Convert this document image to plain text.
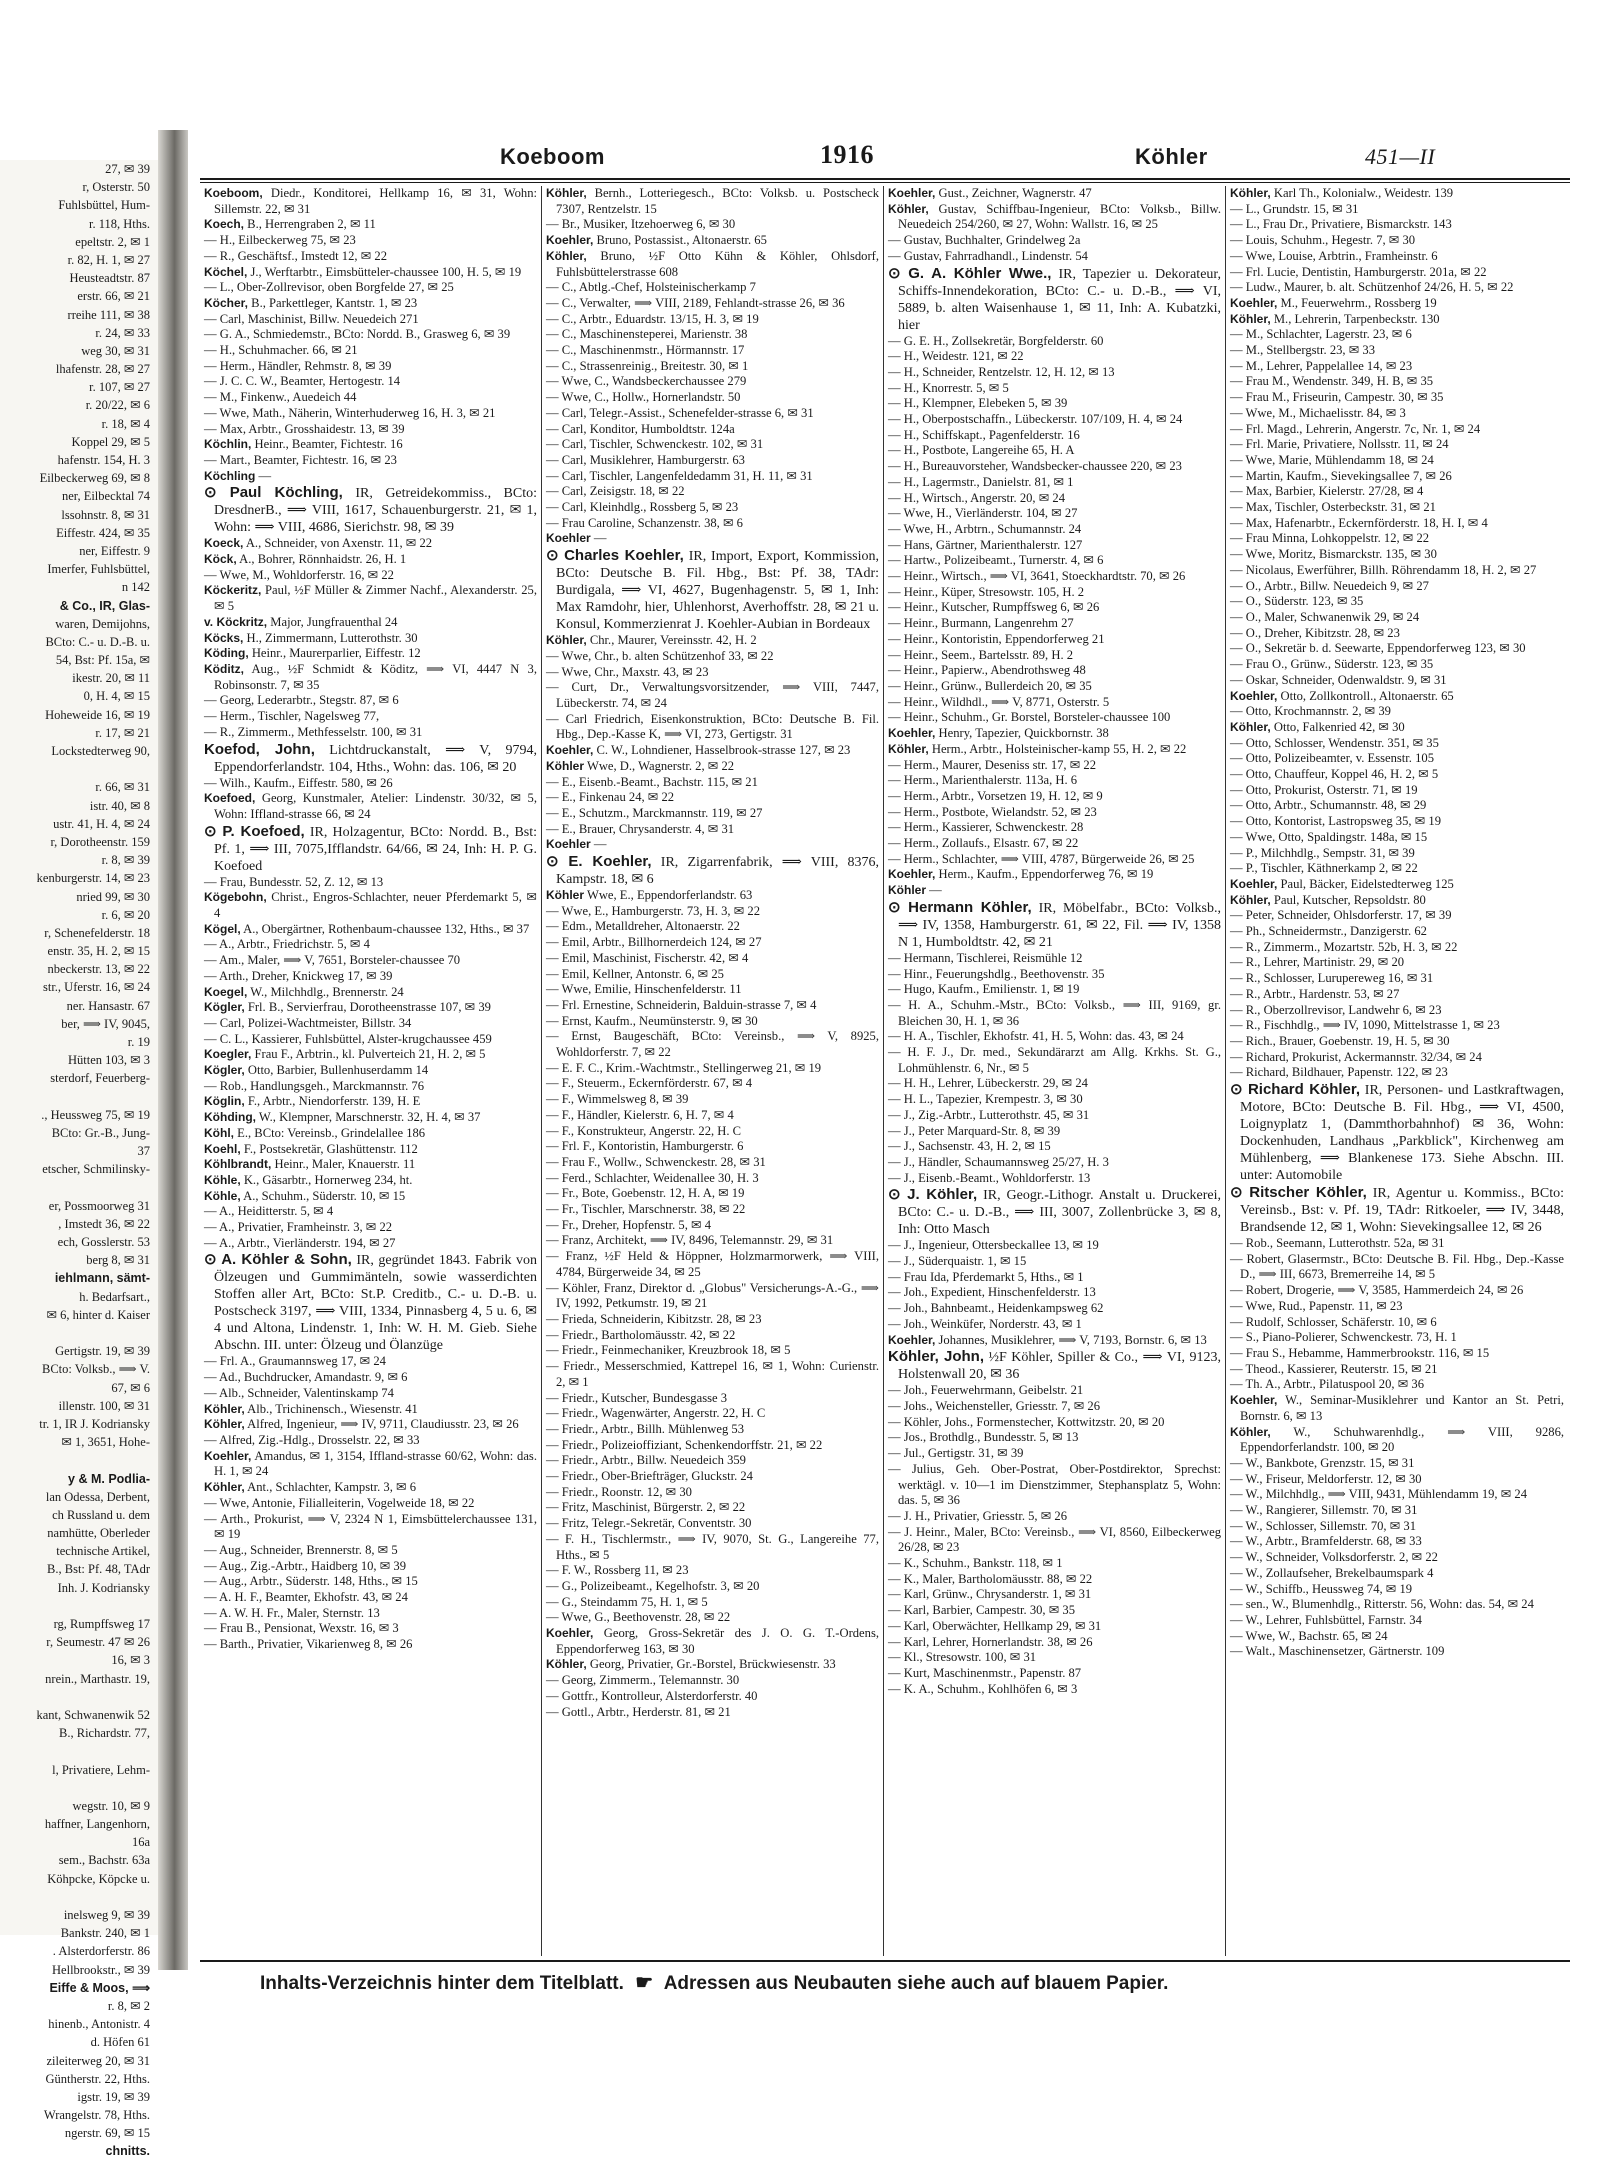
27, ✉ 39
r, Osterstr. 50
Fuhlsbüttel, Hum-
r. 118, Hths.
epeltstr. 2, ✉ 1
r. 82, H. 1, ✉ 27
Heusteadtstr. 87
erstr. 66, ✉ 21
rreihe 111, ✉ 38
r. 24, ✉ 33
weg 30, ✉ 31
lhafenstr. 28, ✉ 27
r. 107, ✉ 27
r. 20/22, ✉ 6
r. 18, ✉ 4
Koppel 29, ✉ 5
hafenstr. 154, H. 3
Eilbeckerweg 69, ✉ 8
ner, Eilbecktal 74
lssohnstr. 8, ✉ 31
Eiffestr. 424, ✉ 35
ner, Eiffestr. 9
Imerfer, Fuhlsbüttel,
n 142
& Co., IR, Glas-
waren, Demijohns,
BCto: C.- u. D.-B. u.
54, Bst: Pf. 15a, ✉
ikestr. 20, ✉ 11
0, H. 4, ✉ 15
Hoheweide 16, ✉ 19
r. 17, ✉ 21
Lockstedterweg 90,
r. 66, ✉ 31
istr. 40, ✉ 8
ustr. 41, H. 4, ✉ 24
r, Dorotheenstr. 159
r. 8, ✉ 39
kenburgerstr. 14, ✉ 23
nried 99, ✉ 30
r. 6, ✉ 20
r, Schenefelderstr. 18
enstr. 35, H. 2, ✉ 15
nbeckerstr. 13, ✉ 22
str., Uferstr. 16, ✉ 24
ner. Hansastr. 67
ber, ⟹ IV, 9045,
r. 19
Hütten 103, ✉ 3
sterdorf, Feuerberg-
., Heussweg 75, ✉ 19
BCto: Gr.-B., Jung-
37
etscher, Schmilinsky-
er, Possmoorweg 31
, Imstedt 36, ✉ 22
ech, Gosslerstr. 53
berg 8, ✉ 31
iehlmann, sämt-
h. Bedarfsart.,
✉ 6, hinter d. Kaiser
Gertigstr. 19, ✉ 39
BCto: Volksb., ⟹ V.
67, ✉ 6
illenstr. 100, ✉ 31
tr. 1, IR J. Kodriansky
✉ 1, 3651, Hohe-
y & M. Podlia-
lan Odessa, Derbent,
ch Russland u. dem
namhütte, Oberleder
technische Artikel,
B., Bst: Pf. 48, TAdr
Inh. J. Kodriansky
rg, Rumpffsweg 17
r, Seumestr. 47 ✉ 26
16, ✉ 3
nrein., Marthastr. 19,
kant, Schwanenwik 52
B., Richardstr. 77,
l, Privatiere, Lehm-
wegstr. 10, ✉ 9
haffner, Langenhorn,
16a
sem., Bachstr. 63a
Köhpcke, Köpcke u.
inelsweg 9, ✉ 39
Bankstr. 240, ✉ 1
. Alsterdorferstr. 86
Hellbrookstr., ✉ 39
Eiffe & Moos, ⟹
r. 8, ✉ 2
hinenb., Antonistr. 4
d. Höfen 61
zileiterweg 20, ✉ 31
Güntherstr. 22, Hths.
igstr. 19, ✉ 39
Wrangelstr. 78, Hths.
ngerstr. 69, ✉ 15
chnitts.
Koeboom	1916	Köhler	451—II

Koeboom, Diedr., Konditorei, Hellkamp 16, ✉ 31, Wohn: Sillemstr. 22, ✉ 31

Koech, B., Herrengraben 2, ✉ 11

— H., Eilbeckerweg 75, ✉ 23

— R., Geschäftsf., Imstedt 12, ✉ 22

Köchel, J., Werftarbtr., Eimsbütteler-chaussee 100, H. 5, ✉ 19

— L., Ober-Zollrevisor, oben Borgfelde 27, ✉ 25

Köcher, B., Parkettleger, Kantstr. 1, ✉ 23

— Carl, Maschinist, Billw. Neuedeich 271

— G. A., Schmiedemstr., BCto: Nordd. B., Grasweg 6, ✉ 39

— H., Schuhmacher. 66, ✉ 21

— Herm., Händler, Rehmstr. 8, ✉ 39

— J. C. C. W., Beamter, Hertogestr. 14

— M., Finkenw., Auedeich 44

— Wwe, Math., Näherin, Winterhuderweg 16, H. 3, ✉ 21

— Max, Arbtr., Grosshaidestr. 13, ✉ 39

Köchlin, Heinr., Beamter, Fichtestr. 16

— Mart., Beamter, Fichtestr. 16, ✉ 23

Köchling —

⊙ Paul Köchling, IR, Getreidekommiss., BCto: DresdnerB., ⟹ VIII, 1617, Schauenburgerstr. 21, ✉ 1, Wohn: ⟹ VIII, 4686, Sierichstr. 98, ✉ 39

Koeck, A., Schneider, von Axenstr. 11, ✉ 22

Köck, A., Bohrer, Rönnhaidstr. 26, H. 1

— Wwe, M., Wohldorferstr. 16, ✉ 22

Köckeritz, Paul, ½F Müller & Zimmer Nachf., Alexanderstr. 25, ✉ 5

v. Köckritz, Major, Jungfrauenthal 24

Köcks, H., Zimmermann, Lutterothstr. 30

Köding, Heinr., Maurerparlier, Eiffestr. 12

Köditz, Aug., ½F Schmidt & Köditz, ⟹ VI, 4447 N 3, Robinsonstr. 7, ✉ 35

— Georg, Lederarbtr., Stegstr. 87, ✉ 6

— Herm., Tischler, Nagelsweg 77,

— R., Zimmerm., Methfesselstr. 100, ✉ 31

Koefod, John, Lichtdruckanstalt, ⟹ V, 9794, Eppendorferlandstr. 104, Hths., Wohn: das. 106, ✉ 20

— Wilh., Kaufm., Eiffestr. 580, ✉ 26

Koefoed, Georg, Kunstmaler, Atelier: Lindenstr. 30/32, ✉ 5, Wohn: Iffland-strasse 66, ✉ 24

⊙ P. Koefoed, IR, Holzagentur, BCto: Nordd. B., Bst: Pf. 1, ⟹ III, 7075,Ifflandstr. 64/66, ✉ 24, Inh: H. P. G. Koefoed

— Frau, Bundesstr. 52, Z. 12, ✉ 13

Kögebohn, Christ., Engros-Schlachter, neuer Pferdemarkt 5, ✉ 4

Kögel, A., Obergärtner, Rothenbaum-chaussee 132, Hths., ✉ 37

— A., Arbtr., Friedrichstr. 5, ✉ 4

— Am., Maler, ⟹ V, 7651, Borsteler-chaussee 70

— Arth., Dreher, Knickweg 17, ✉ 39

Koegel, W., Milchhdlg., Brennerstr. 24

Kögler, Frl. B., Servierfrau, Dorotheenstrasse 107, ✉ 39

— Carl, Polizei-Wachtmeister, Billstr. 34

— C. L., Kassierer, Fuhlsbüttel, Alster-krugchaussee 459

Koegler, Frau F., Arbtrin., kl. Pulverteich 21, H. 2, ✉ 5

Kögler, Otto, Barbier, Bullenhuserdamm 14

— Rob., Handlungsgeh., Marckmannstr. 76

Köglin, F., Arbtr., Niendorferstr. 139, H. E

Köhding, W., Klempner, Marschnerstr. 32, H. 4, ✉ 37

Köhl, E., BCto: Vereinsb., Grindelallee 186

Koehl, F., Postsekretär, Glashüttenstr. 112

Köhlbrandt, Heinr., Maler, Knauerstr. 11

Köhle, K., Gäsarbtr., Hornerweg 234, ht.

Köhle, A., Schuhm., Süderstr. 10, ✉ 15

— A., Heiditterstr. 5, ✉ 4

— A., Privatier, Framheinstr. 3, ✉ 22

— A., Arbtr., Vierländerstr. 194, ✉ 27

⊙ A. Köhler & Sohn, IR, gegründet 1843. Fabrik von Ölzeugen und Gummimänteln, sowie wasserdichten Stoffen aller Art, BCto: St.P. Creditb., C.- u. D.-B. u. Postscheck 3197, ⟹ VIII, 1334, Pinnasberg 4, 5 u. 6, ✉ 4 und Altona, Lindenstr. 1, Inh: W. H. M. Gieb. Siehe Abschn. III. unter: Ölzeug und Ölanzüge

— Frl. A., Graumannsweg 17, ✉ 24

— Ad., Buchdrucker, Amandastr. 9, ✉ 6

— Alb., Schneider, Valentinskamp 74

Köhler, Alb., Trichinensch., Wiesenstr. 41

Köhler, Alfred, Ingenieur, ⟹ IV, 9711, Claudiusstr. 23, ✉ 26

— Alfred, Zig.-Hdlg., Drosselstr. 22, ✉ 33

Koehler, Amandus, ✉ 1, 3154, Iffland-strasse 60/62, Wohn: das. H. 1, ✉ 24

Köhler, Ant., Schlachter, Kampstr. 3, ✉ 6

— Wwe, Antonie, Filialleiterin, Vogelweide 18, ✉ 22

— Arth., Prokurist, ⟹ V, 2324 N 1, Eimsbüttelerchaussee 131, ✉ 19

— Aug., Schneider, Brennerstr. 8, ✉ 5

— Aug., Zig.-Arbtr., Haidberg 10, ✉ 39

— Aug., Arbtr., Süderstr. 148, Hths., ✉ 15

— A. H. F., Beamter, Ekhofstr. 43, ✉ 24

— A. W. H. Fr., Maler, Sternstr. 13

— Frau B., Pensionat, Wexstr. 16, ✉ 3

— Barth., Privatier, Vikarienweg 8, ✉ 26

Köhler, Bernh., Lotteriegesch., BCto: Volksb. u. Postscheck 7307, Rentzelstr. 15

— Br., Musiker, Itzehoerweg 6, ✉ 30

Koehler, Bruno, Postassist., Altonaerstr. 65

Köhler, Bruno, ½F Otto Kühn & Köhler, Ohlsdorf, Fuhlsbüttelerstrasse 608

— C., Abtlg.-Chef, Holsteinischerkamp 7

— C., Verwalter, ⟹ VIII, 2189, Fehlandt-strasse 26, ✉ 36

— C., Arbtr., Eduardstr. 13/15, H. 3, ✉ 19

— C., Maschinensteperei, Marienstr. 38

— C., Maschinenmstr., Hörmannstr. 17

— C., Strassenreinig., Breitestr. 30, ✉ 1

— Wwe, C., Wandsbeckerchaussee 279

— Wwe, C., Hollw., Hornerlandstr. 50

— Carl, Telegr.-Assist., Schenefelder-strasse 6, ✉ 31

— Carl, Konditor, Humboldtstr. 124a

— Carl, Tischler, Schwenckestr. 102, ✉ 31

— Carl, Musiklehrer, Hamburgerstr. 63

— Carl, Tischler, Langenfeldedamm 31, H. 11, ✉ 31

— Carl, Zeisigstr. 18, ✉ 22

— Carl, Kleinhdlg., Rossberg 5, ✉ 23

— Frau Caroline, Schanzenstr. 38, ✉ 6

Koehler —

⊙ Charles Koehler, IR, Import, Export, Kommission, BCto: Deutsche B. Fil. Hbg., Bst: Pf. 38, TAdr: Burdigala, ⟹ VI, 4627, Bugenhagenstr. 5, ✉ 1, Inh: Max Ramdohr, hier, Uhlenhorst, Averhoffstr. 28, ✉ 21 u. Konsul, Kommerzienrat J. Koehler-Aubian in Bordeaux

Köhler, Chr., Maurer, Vereinsstr. 42, H. 2

— Wwe, Chr., b. alten Schützenhof 33, ✉ 22

— Wwe, Chr., Maxstr. 43, ✉ 23

— Curt, Dr., Verwaltungsvorsitzender, ⟹ VIII, 7447, Lübeckerstr. 74, ✉ 24

— Carl Friedrich, Eisenkonstruktion, BCto: Deutsche B. Fil. Hbg., Dep.-Kasse K, ⟹ VI, 273, Gertigstr. 31

Koehler, C. W., Lohndiener, Hasselbrook-strasse 127, ✉ 23

Köhler Wwe, D., Wagnerstr. 2, ✉ 22

— E., Eisenb.-Beamt., Bachstr. 115, ✉ 21

— E., Finkenau 24, ✉ 22

— E., Schutzm., Marckmannstr. 119, ✉ 27

— E., Brauer, Chrysanderstr. 4, ✉ 31

Koehler —

⊙ E. Koehler, IR, Zigarrenfabrik, ⟹ VIII, 8376, Kampstr. 18, ✉ 6

Köhler Wwe, E., Eppendorferlandstr. 63

— Wwe, E., Hamburgerstr. 73, H. 3, ✉ 22

— Edm., Metalldreher, Altonaerstr. 22

— Emil, Arbtr., Billhornerdeich 124, ✉ 27

— Emil, Maschinist, Fischerstr. 42, ✉ 4

— Emil, Kellner, Antonstr. 6, ✉ 25

— Wwe, Emilie, Hinschenfelderstr. 11

— Frl. Ernestine, Schneiderin, Balduin-strasse 7, ✉ 4

— Ernst, Kaufm., Neumünsterstr. 9, ✉ 30

— Ernst, Baugeschäft, BCto: Vereinsb., ⟹ V, 8925, Wohldorferstr. 7, ✉ 22

— E. F. C., Krim.-Wachtmstr., Stellingerweg 21, ✉ 19

— F., Steuerm., Eckernförderstr. 67, ✉ 4

— F., Wimmelsweg 8, ✉ 39

— F., Händler, Kielerstr. 6, H. 7, ✉ 4

— F., Konstrukteur, Angerstr. 22, H. C

— Frl. F., Kontoristin, Hamburgerstr. 6

— Frau F., Wollw., Schwenckestr. 28, ✉ 31

— Ferd., Schlachter, Weidenallee 30, H. 3

— Fr., Bote, Goebenstr. 12, H. A, ✉ 19

— Fr., Tischler, Marschnerstr. 38, ✉ 22

— Fr., Dreher, Hopfenstr. 5, ✉ 4

— Franz, Architekt, ⟹ IV, 8496, Telemannstr. 29, ✉ 31

— Franz, ½F Held & Höppner, Holzmarmorwerk, ⟹ VIII, 4784, Bürgerweide 34, ✉ 25

— Köhler, Franz, Direktor d. „Globus" Versicherungs-A.-G., ⟹ IV, 1992, Petkumstr. 19, ✉ 21

— Frieda, Schneiderin, Kibitzstr. 28, ✉ 23

— Friedr., Bartholomäusstr. 42, ✉ 22

— Friedr., Feinmechaniker, Kreuzbrook 18, ✉ 5

— Friedr., Messerschmied, Kattrepel 16, ✉ 1, Wohn: Curienstr. 2, ✉ 1

— Friedr., Kutscher, Bundesgasse 3

— Friedr., Wagenwärter, Angerstr. 22, H. C

— Friedr., Arbtr., Billh. Mühlenweg 53

— Friedr., Polizeioffiziant, Schenkendorffstr. 21, ✉ 22

— Friedr., Arbtr., Billw. Neuedeich 359

— Friedr., Ober-Briefträger, Gluckstr. 24

— Friedr., Roonstr. 12, ✉ 30

— Fritz, Maschinist, Bürgerstr. 2, ✉ 22

— Fritz, Telegr.-Sekretär, Conventstr. 30

— F. H., Tischlermstr., ⟹ IV, 9070, St. G., Langereihe 77, Hths., ✉ 5

— F. W., Rossberg 11, ✉ 23

— G., Polizeibeamt., Kegelhofstr. 3, ✉ 20

— G., Steindamm 75, H. 1, ✉ 5

— Wwe, G., Beethovenstr. 28, ✉ 22

Koehler, Georg, Gross-Sekretär des J. O. G. T.-Ordens, Eppendorferweg 163, ✉ 30

Köhler, Georg, Privatier, Gr.-Borstel, Brückwiesenstr. 33

— Georg, Zimmerm., Telemannstr. 30

— Gottfr., Kontrolleur, Alsterdorferstr. 40

— Gottl., Arbtr., Herderstr. 81, ✉ 21

Koehler, Gust., Zeichner, Wagnerstr. 47

Köhler, Gustav, Schiffbau-Ingenieur, BCto: Volksb., Billw. Neuedeich 254/260, ✉ 27, Wohn: Wallstr. 16, ✉ 25

— Gustav, Buchhalter, Grindelweg 2a

— Gustav, Fahrradhandl., Lindenstr. 54

⊙ G. A. Köhler Wwe., IR, Tapezier u. Dekorateur, Schiffs-Innendekoration, BCto: C.- u. D.-B., ⟹ VI, 5889, b. alten Waisenhause 1, ✉ 11, Inh: A. Kubatzki, hier

— G. E. H., Zollsekretär, Borgfelderstr. 60

— H., Weidestr. 121, ✉ 22

— H., Schneider, Rentzelstr. 12, H. 12, ✉ 13

— H., Knorrestr. 5, ✉ 5

— H., Klempner, Elebeken 5, ✉ 39

— H., Oberpostschaffn., Lübeckerstr. 107/109, H. 4, ✉ 24

— H., Schiffskapt., Pagenfelderstr. 16

— H., Postbote, Langereihe 65, H. A

— H., Bureauvorsteher, Wandsbecker-chaussee 220, ✉ 23

— H., Lagermstr., Danielstr. 81, ✉ 1

— H., Wirtsch., Angerstr. 20, ✉ 24

— Wwe, H., Vierländerstr. 104, ✉ 27

— Wwe, H., Arbtrn., Schumannstr. 24

— Hans, Gärtner, Marienthalerstr. 127

— Hartw., Polizeibeamt., Turnerstr. 4, ✉ 6

— Heinr., Wirtsch., ⟹ VI, 3641, Stoeckhardtstr. 70, ✉ 26

— Heinr., Küper, Stresowstr. 105, H. 2

— Heinr., Kutscher, Rumpffsweg 6, ✉ 26

— Heinr., Burmann, Langenrehm 27

— Heinr., Kontoristin, Eppendorferweg 21

— Heinr., Seem., Bartelsstr. 89, H. 2

— Heinr., Papierw., Abendrothsweg 48

— Heinr., Grünw., Bullerdeich 20, ✉ 35

— Heinr., Wildhdl., ⟹ V, 8771, Osterstr. 5

— Heinr., Schuhm., Gr. Borstel, Borsteler-chaussee 100

Koehler, Henry, Tapezier, Quickbornstr. 38

Köhler, Herm., Arbtr., Holsteinischer-kamp 55, H. 2, ✉ 22

— Herm., Maurer, Deseniss str. 17, ✉ 22

— Herm., Marienthalerstr. 113a, H. 6

— Herm., Arbtr., Vorsetzen 19, H. 12, ✉ 9

— Herm., Postbote, Wielandstr. 52, ✉ 23

— Herm., Kassierer, Schwenckestr. 28

— Herm., Zollaufs., Elsastr. 67, ✉ 22

— Herm., Schlachter, ⟹ VIII, 4787, Bürgerweide 26, ✉ 25

Koehler, Herm., Kaufm., Eppendorferweg 76, ✉ 19

Köhler —

⊙ Hermann Köhler, IR, Möbelfabr., BCto: Volksb., ⟹ IV, 1358, Hamburgerstr. 61, ✉ 22, Fil. ⟹ IV, 1358 N 1, Humboldtstr. 42, ✉ 21

— Hermann, Tischlerei, Reismühle 12

— Hinr., Feuerungshdlg., Beethovenstr. 35

— Hugo, Kaufm., Emilienstr. 1, ✉ 19

— H. A., Schuhm.-Mstr., BCto: Volksb., ⟹ III, 9169, gr. Bleichen 30, H. 1, ✉ 36

— H. A., Tischler, Ekhofstr. 41, H. 5, Wohn: das. 43, ✉ 24

— H. F. J., Dr. med., Sekundärarzt am Allg. Krkhs. St. G., Lohmühlenstr. 6, Nr., ✉ 5

— H. H., Lehrer, Lübeckerstr. 29, ✉ 24

— H. L., Tapezier, Krempestr. 3, ✉ 30

— J., Zig.-Arbtr., Lutterothstr. 45, ✉ 31

— J., Peter Marquard-Str. 8, ✉ 39

— J., Sachsenstr. 43, H. 2, ✉ 15

— J., Händler, Schaumannsweg 25/27, H. 3

— J., Eisenb.-Beamt., Wohldorferstr. 13

⊙ J. Köhler, IR, Geogr.-Lithogr. Anstalt u. Druckerei, BCto: C.- u. D.-B., ⟹ III, 3007, Zollenbrücke 3, ✉ 8, Inh: Otto Masch

— J., Ingenieur, Ottersbeckallee 13, ✉ 19

— J., Süderquaistr. 1, ✉ 15

— Frau Ida, Pferdemarkt 5, Hths., ✉ 1

— Joh., Expedient, Hinschenfelderstr. 13

— Joh., Bahnbeamt., Heidenkampsweg 62

— Joh., Weinküfer, Norderstr. 43, ✉ 1

Koehler, Johannes, Musiklehrer, ⟹ V, 7193, Bornstr. 6, ✉ 13

Köhler, John, ½F Köhler, Spiller & Co., ⟹ VI, 9123, Holstenwall 20, ✉ 36

— Joh., Feuerwehrmann, Geibelstr. 21

— Johs., Weichensteller, Griesstr. 7, ✉ 26

— Köhler, Johs., Formenstecher, Kottwitzstr. 20, ✉ 20

— Jos., Brothdlg., Bundesstr. 5, ✉ 13

— Jul., Gertigstr. 31, ✉ 39

— Julius, Geh. Ober-Postrat, Ober-Postdirektor, Sprechst: werktägl. v. 10—1 im Dienstzimmer, Stephansplatz 5, Wohn: das. 5, ✉ 36

— J. H., Privatier, Griesstr. 5, ✉ 26

— J. Heinr., Maler, BCto: Vereinsb., ⟹ VI, 8560, Eilbeckerweg 26/28, ✉ 23

— K., Schuhm., Bankstr. 118, ✉ 1

— K., Maler, Bartholomäusstr. 88, ✉ 22

— Karl, Grünw., Chrysanderstr. 1, ✉ 31

— Karl, Barbier, Campestr. 30, ✉ 35

— Karl, Oberwächter, Hellkamp 29, ✉ 31

— Karl, Lehrer, Hornerlandstr. 38, ✉ 26

— Kl., Stresowstr. 100, ✉ 31

— Kurt, Maschinenmstr., Papenstr. 87

— K. A., Schuhm., Kohlhöfen 6, ✉ 3

Köhler, Karl Th., Kolonialw., Weidestr. 139

— L., Grundstr. 15, ✉ 31

— L., Frau Dr., Privatiere, Bismarckstr. 143

— Louis, Schuhm., Hegestr. 7, ✉ 30

— Wwe, Louise, Arbtrin., Framheinstr. 6

— Frl. Lucie, Dentistin, Hamburgerstr. 201a, ✉ 22

— Ludw., Maurer, b. alt. Schützenhof 24/26, H. 5, ✉ 22

Koehler, M., Feuerwehrm., Rossberg 19

Köhler, M., Lehrerin, Tarpenbeckstr. 130

— M., Schlachter, Lagerstr. 23, ✉ 6

— M., Stellbergstr. 23, ✉ 33

— M., Lehrer, Pappelallee 14, ✉ 23

— Frau M., Wendenstr. 349, H. B, ✉ 35

— Frau M., Friseurin, Campestr. 30, ✉ 35

— Wwe, M., Michaelisstr. 84, ✉ 3

— Frl. Magd., Lehrerin, Angerstr. 7c, Nr. 1, ✉ 24

— Frl. Marie, Privatiere, Nollsstr. 11, ✉ 24

— Wwe, Marie, Mühlendamm 18, ✉ 24

— Martin, Kaufm., Sievekingsallee 7, ✉ 26

— Max, Barbier, Kielerstr. 27/28, ✉ 4

— Max, Tischler, Osterbeckstr. 31, ✉ 21

— Max, Hafenarbtr., Eckernförderstr. 18, H. I, ✉ 4

— Frau Minna, Lohkoppelstr. 12, ✉ 22

— Wwe, Moritz, Bismarckstr. 135, ✉ 30

— Nicolaus, Ewerführer, Billh. Röhrendamm 18, H. 2, ✉ 27

— O., Arbtr., Billw. Neuedeich 9, ✉ 27

— O., Süderstr. 123, ✉ 35

— O., Maler, Schwanenwik 29, ✉ 24

— O., Dreher, Kibitzstr. 28, ✉ 23

— O., Sekretär b. d. Seewarte, Eppendorferweg 123, ✉ 30

— Frau O., Grünw., Süderstr. 123, ✉ 35

— Oskar, Schneider, Odenwaldstr. 9, ✉ 31

Koehler, Otto, Zollkontroll., Altonaerstr. 65

— Otto, Krochmannstr. 2, ✉ 39

Köhler, Otto, Falkenried 42, ✉ 30

— Otto, Schlosser, Wendenstr. 351, ✉ 35

— Otto, Polizeibeamter, v. Essenstr. 105

— Otto, Chauffeur, Koppel 46, H. 2, ✉ 5

— Otto, Prokurist, Osterstr. 71, ✉ 19

— Otto, Arbtr., Schumannstr. 48, ✉ 29

— Otto, Kontorist, Lastropsweg 35, ✉ 19

— Wwe, Otto, Spaldingstr. 148a, ✉ 15

— P., Milchhdlg., Sempstr. 31, ✉ 39

— P., Tischler, Käthnerkamp 2, ✉ 22

Koehler, Paul, Bäcker, Eidelstedterweg 125

Köhler, Paul, Kutscher, Repsoldstr. 80

— Peter, Schneider, Ohlsdorferstr. 17, ✉ 39

— Ph., Schneidermstr., Danzigerstr. 62

— R., Zimmerm., Mozartstr. 52b, H. 3, ✉ 22

— R., Lehrer, Martinistr. 29, ✉ 20

— R., Schlosser, Lurupereweg 16, ✉ 31

— R., Arbtr., Hardenstr. 53, ✉ 27

— R., Oberzollrevisor, Landwehr 6, ✉ 23

— R., Fischhdlg., ⟹ IV, 1090, Mittelstrasse 1, ✉ 23

— Rich., Brauer, Goebenstr. 19, H. 5, ✉ 30

— Richard, Prokurist, Ackermannstr. 32/34, ✉ 24

— Richard, Bildhauer, Papenstr. 122, ✉ 23

⊙ Richard Köhler, IR, Personen- und Lastkraftwagen, Motore, BCto: Deutsche B. Fil. Hbg., ⟹ VI, 4500, Loignyplatz 1, (Dammthorbahnhof) ✉ 36, Wohn: Dockenhuden, Landhaus „Parkblick", Kirchenweg am Mühlenberg, ⟹ Blankenese 173. Siehe Abschn. III. unter: Automobile

⊙ Ritscher Köhler, IR, Agentur u. Kommiss., BCto: Vereinsb., Bst: v. Pf. 19, TAdr: Ritkoeler, ⟹ IV, 3448, Brandsende 12, ✉ 1, Wohn: Sievekingsallee 12, ✉ 26

— Rob., Seemann, Lutterothstr. 52a, ✉ 31

— Robert, Glasermstr., BCto: Deutsche B. Fil. Hbg., Dep.-Kasse D., ⟹ III, 6673, Bremerreihe 14, ✉ 5

— Robert, Drogerie, ⟹ V, 3585, Hammerdeich 24, ✉ 26

— Wwe, Rud., Papenstr. 11, ✉ 23

— Rudolf, Schlosser, Schäferstr. 10, ✉ 6

— S., Piano-Polierer, Schwenckestr. 73, H. 1

— Frau S., Hebamme, Hammerbrookstr. 116, ✉ 15

— Theod., Kassierer, Reuterstr. 15, ✉ 21

— Th. A., Arbtr., Pilatuspool 20, ✉ 36

Koehler, W., Seminar-Musiklehrer und Kantor an St. Petri, Bornstr. 6, ✉ 13

Köhler, W., Schuhwarenhdlg., ⟹ VIII, 9286, Eppendorferlandstr. 100, ✉ 20

— W., Bankbote, Grenzstr. 15, ✉ 31

— W., Friseur, Meldorferstr. 12, ✉ 30

— W., Milchhdlg., ⟹ VIII, 9431, Mühlendamm 19, ✉ 24

— W., Rangierer, Sillemstr. 70, ✉ 31

— W., Schlosser, Sillemstr. 70, ✉ 31

— W., Arbtr., Bramfelderstr. 68, ✉ 33

— W., Schneider, Volksdorferstr. 2, ✉ 22

— W., Zollaufseher, Brekelbaumspark 4

— W., Schiffb., Heussweg 74, ✉ 19

— sen., W., Blumenhdlg., Ritterstr. 56, Wohn: das. 54, ✉ 24

— W., Lehrer, Fuhlsbüttel, Farnstr. 34

— Wwe, W., Bachstr. 65, ✉ 24

— Walt., Maschinensetzer, Gärtnerstr. 109

Inhalts-Verzeichnis hinter dem Titelblatt. ☛ Adressen aus Neubauten siehe auch auf blauem Papier.
